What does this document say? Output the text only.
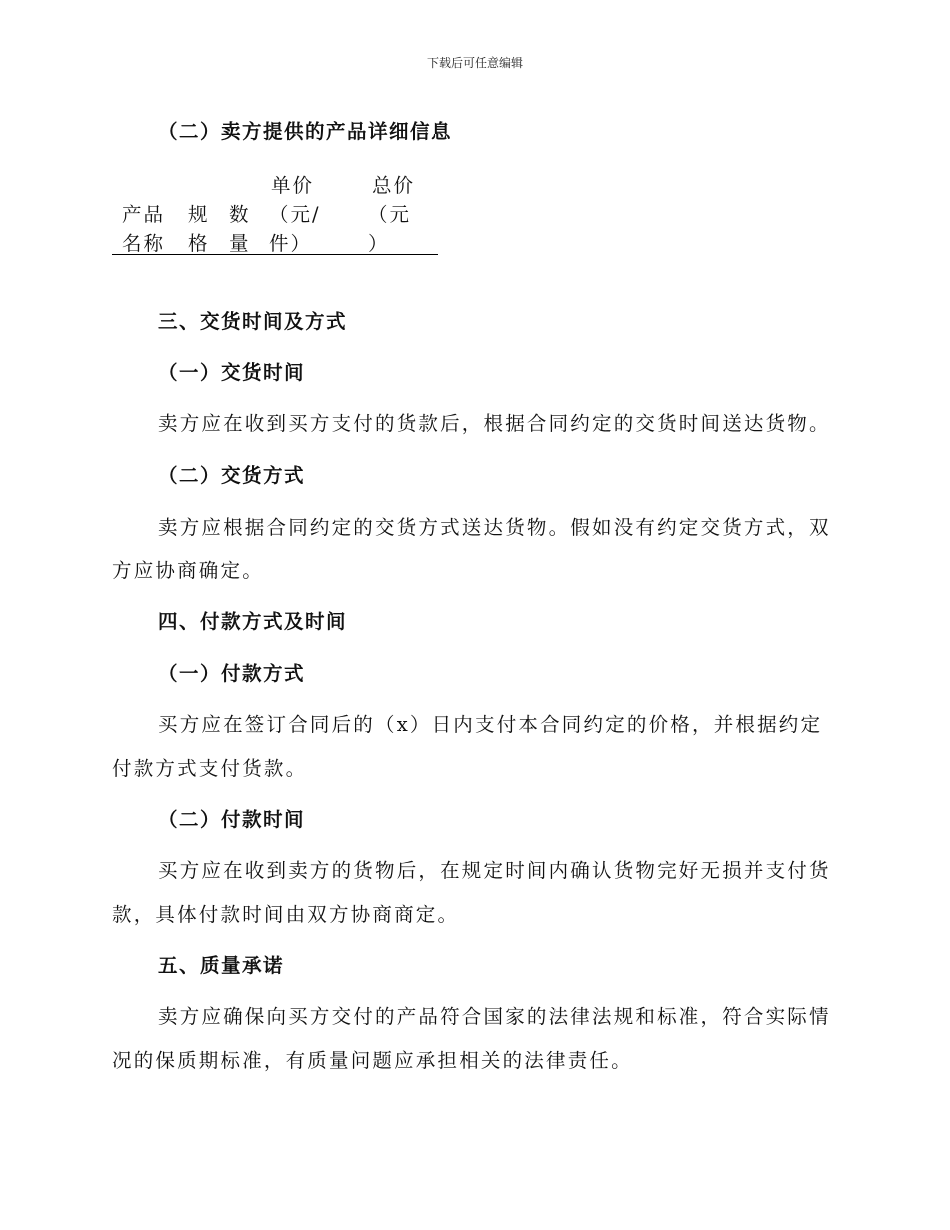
下载后可任意编辑
（二）卖方提供的产品详细信息
产品
名称
规
格
数
量
单价
（元/
件）
总价
（元
）
三、交货时间及方式
（一）交货时间
卖方应在收到买方支付的货款后，根据合同约定的交货时间送达货物。
（二）交货方式
卖方应根据合同约定的交货方式送达货物。假如没有约定交货方式，双
方应协商确定。
四、付款方式及时间
（一）付款方式
买方应在签订合同后的（x）日内支付本合同约定的价格，并根据约定
付款方式支付货款。
（二）付款时间
买方应在收到卖方的货物后，在规定时间内确认货物完好无损并支付货
款，具体付款时间由双方协商商定。
五、质量承诺
卖方应确保向买方交付的产品符合国家的法律法规和标准，符合实际情
况的保质期标准，有质量问题应承担相关的法律责任。
